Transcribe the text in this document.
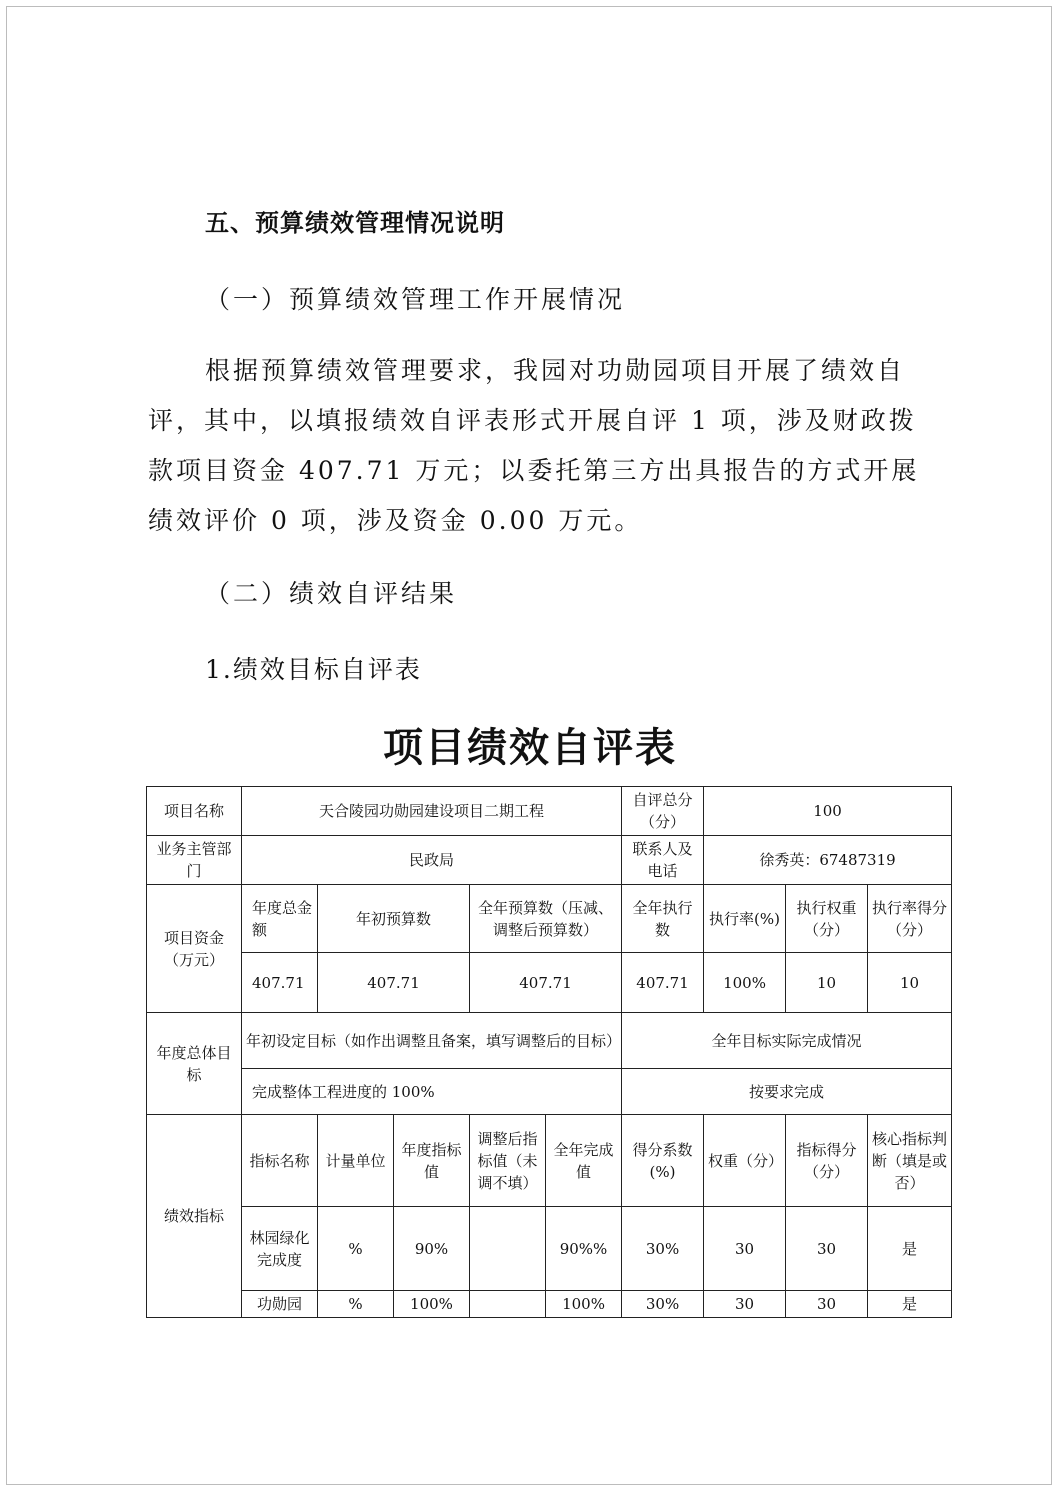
五、预算绩效管理情况说明
（一）预算绩效管理工作开展情况

根据预算绩效管理要求，我园对功勋园项目开展了绩效自评，其中，以填报绩效自评表形式开展自评 1 项，涉及财政拨款项目资金 407.71 万元；以委托第三方出具报告的方式开展绩效评价 0 项，涉及资金 0.00 万元。

（二）绩效自评结果
1.绩效目标自评表
项目绩效自评表
项目名称	天合陵园功勋园建设项目二期工程					自评总分（分）	100		
业务主管部门	民政局					联系人及电话	徐秀英：67487319		
项目资金（万元）	年度总金额	年初预算数		全年预算数（压减、调整后预算数）		全年执行数	执行率(%)	执行权重（分）	执行率得分（分）
	407.71	407.71		407.71		407.71	100%	10	10
年度总体目标	年初设定目标（如作出调整且备案，填写调整后的目标）					全年目标实际完成情况			
	完成整体工程进度的 100%					按要求完成			
绩效指标	指标名称	计量单位	年度指标值	调整后指标值（未调不填）	全年完成值	得分系数(%)	权重（分）	指标得分（分）	核心指标判断（填是或否）
	林园绿化完成度	%	90%		90%%	30%	30	30	是
	功勋园	%	100%		100%	30%	30	30	是
